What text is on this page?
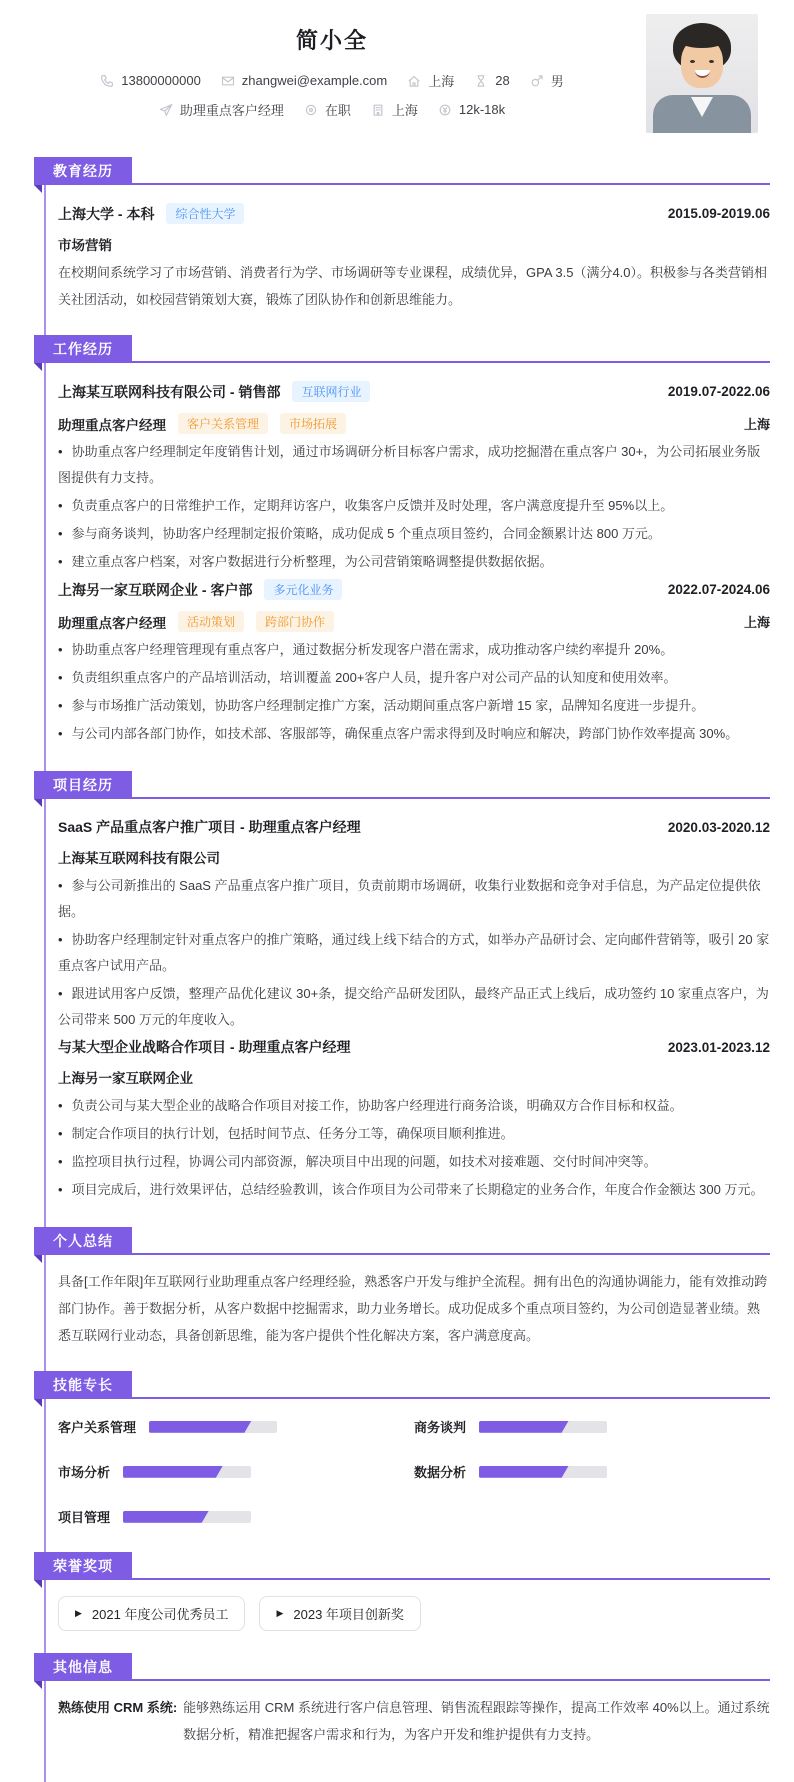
简小全
13800000000	zhangwei@example.com	上海	28	男
助理重点客户经理	在职	上海	12k-18k
教育经历
上海大学 - 本科	综合性大学	2015.09-2019.06
市场营销

在校期间系统学习了市场营销、消费者行为学、市场调研等专业课程，成绩优异，GPA 3.5（满分4.0）。积极参与各类营销相关社团活动，如校园营销策划大赛，锻炼了团队协作和创新思维能力。

工作经历
上海某互联网科技有限公司 - 销售部	互联网行业	2019.07-2022.06
助理重点客户经理	客户关系管理	市场拓展	上海
• 协助重点客户经理制定年度销售计划，通过市场调研分析目标客户需求，成功挖掘潜在重点客户 30+，为公司拓展业务版图提供有力支持。
• 负责重点客户的日常维护工作，定期拜访客户，收集客户反馈并及时处理，客户满意度提升至 95%以上。
• 参与商务谈判，协助客户经理制定报价策略，成功促成 5 个重点项目签约，合同金额累计达 800 万元。
• 建立重点客户档案，对客户数据进行分析整理，为公司营销策略调整提供数据依据。
上海另一家互联网企业 - 客户部	多元化业务	2022.07-2024.06
助理重点客户经理	活动策划	跨部门协作	上海
• 协助重点客户经理管理现有重点客户，通过数据分析发现客户潜在需求，成功推动客户续约率提升 20%。
• 负责组织重点客户的产品培训活动，培训覆盖 200+客户人员，提升客户对公司产品的认知度和使用效率。
• 参与市场推广活动策划，协助客户经理制定推广方案，活动期间重点客户新增 15 家，品牌知名度进一步提升。
• 与公司内部各部门协作，如技术部、客服部等，确保重点客户需求得到及时响应和解决，跨部门协作效率提高 30%。
项目经历
SaaS 产品重点客户推广项目 - 助理重点客户经理	2020.03-2020.12
上海某互联网科技有限公司
• 参与公司新推出的 SaaS 产品重点客户推广项目，负责前期市场调研，收集行业数据和竞争对手信息，为产品定位提供依据。
• 协助客户经理制定针对重点客户的推广策略，通过线上线下结合的方式，如举办产品研讨会、定向邮件营销等，吸引 20 家重点客户试用产品。
• 跟进试用客户反馈，整理产品优化建议 30+条，提交给产品研发团队，最终产品正式上线后，成功签约 10 家重点客户，为公司带来 500 万元的年度收入。
与某大型企业战略合作项目 - 助理重点客户经理	2023.01-2023.12
上海另一家互联网企业
• 负责公司与某大型企业的战略合作项目对接工作，协助客户经理进行商务洽谈，明确双方合作目标和权益。
• 制定合作项目的执行计划，包括时间节点、任务分工等，确保项目顺利推进。
• 监控项目执行过程，协调公司内部资源，解决项目中出现的问题，如技术对接难题、交付时间冲突等。
• 项目完成后，进行效果评估，总结经验教训，该合作项目为公司带来了长期稳定的业务合作，年度合作金额达 300 万元。
个人总结

具备[工作年限]年互联网行业助理重点客户经理经验，熟悉客户开发与维护全流程。拥有出色的沟通协调能力，能有效推动跨部门协作。善于数据分析，从客户数据中挖掘需求，助力业务增长。成功促成多个重点项目签约，为公司创造显著业绩。熟悉互联网行业动态，具备创新思维，能为客户提供个性化解决方案，客户满意度高。

技能专长
客户关系管理	商务谈判
市场分析	数据分析
项目管理
荣誉奖项
▶ 2021 年度公司优秀员工	▶ 2023 年项目创新奖
其他信息
熟练使用 CRM 系统: 能够熟练运用 CRM 系统进行客户信息管理、销售流程跟踪等操作，提高工作效率 40%以上。通过系统数据分析，精准把握客户需求和行为，为客户开发和维护提供有力支持。
